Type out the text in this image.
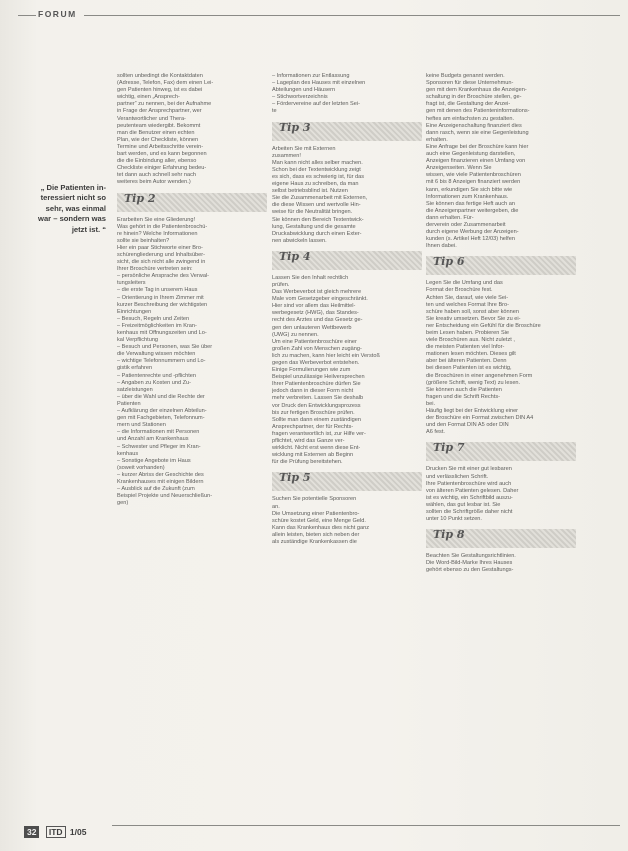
FORUM

„ Die Patienten in-

teressiert nicht so

sehr, was einmal

war – sondern was

jetzt ist. “

sollten unbedingt die Kontaktdaten

(Adresse, Telefon, Fax) dem einen Lei-

gen Patienten hinweg, ist es dabei

wichtig, einen „Ansprech-

partner“ zu nennen, bei der Aufnahme

in Frage der Ansprechpartner, wer

Verantwortlicher und Thera-

peutenteam wiedergibt. Bekommt

man die Benutzer einen echten

Plan, wie der Checkliste, können

Termine und Arbeitsschritte verein-

bart werden, und es kann begonnen

die die Einbindung aller, ebenso

Checkliste einiger Erfahrung bedeu-

tet dann auch schnell sehr nach

weiteres beim Autor wenden.)

Tip 2

Erarbeiten Sie eine Gliederung!

Was gehört in die Patientenbroschü-

re hinein? Welche Informationen

sollte sie beinhalten?

Hier ein paar Stichworte einer Bro-

schürengliederung und Inhaltsüber-

sicht, die sich nicht alle zwingend in

Ihrer Broschüre vertreten sein:

– persönliche Ansprache des Verwal-

tungsleiters

– die erste Tag in unserem Haus

– Orientierung in Ihrem Zimmer mit

kurzer Beschreibung der wichtigsten

Einrichtungen

– Besuch, Regeln und Zeiten

– Freizeitmöglichkeiten im Kran-

kenhaus mit Öffnungszeiten und Lo-

kal Verpflichtung

– Besuch und Personen, was Sie über

die Verwaltung wissen möchten

– wichtige Telefonnummern und Lo-

gistik erfahren

– Patientenrechte und -pflichten

– Angaben zu Kosten und Zu-

satzleistungen

– über die Wahl und die Rechte der

Patienten

– Aufklärung der einzelnen Abteilun-

gen mit Fachgebieten, Telefonnum-

mern und Stationen

– die Informationen mit Personen

und Anzahl am Krankenhaus

– Schwester und Pfleger im Kran-

kenhaus

– Sonstige Angebote im Haus

(soweit vorhanden)

– kurzer Abriss der Geschichte des

Krankenhauses mit einigen Bildern

– Ausblick auf die Zukunft (zum

Beispiel Projekte und Neuerschließun-

gen)

– Informationen zur Entlassung

– Lageplan des Hauses mit einzelnen

Abteilungen und Häusern

– Stichwortverzeichnis

– Fördervereine auf der letzten Sei-

te

Tip 3

Arbeiten Sie mit Externen

zusammen!

Man kann nicht alles selber machen.

Schon bei der Textentwicklung zeigt

es sich, dass es schwierig ist, für das

eigene Haus zu schreiben, da man

selbst betriebsblind ist. Nutzen

Sie die Zusammenarbeit mit Externen,

die diese Wissen und wertvolle Hin-

weise für die Neutralität bringen.

Sie können den Bereich Textentwick-

lung, Gestaltung und die gesamte

Druckabwicklung durch einen Exter-

nen abwickeln lassen.

Tip 4

Lassen Sie den Inhalt rechtlich

prüfen.

Das Werbeverbot ist gleich mehrere

Male vom Gesetzgeber eingeschränkt.

Hier sind vor allem das Heilmittel-

werbegesetz (HWG), das Standes-

recht des Arztes und das Gesetz ge-

gen den unlauteren Wettbewerb

(UWG) zu nennen.

Um eine Patientenbroschüre einer

großen Zahl von Menschen zugäng-

lich zu machen, kann hier leicht ein Verstoß

gegen das Werbeverbot entstehen.

Einige Formulierungen wie zum

Beispiel unzulässige Heilversprechen

Ihrer Patientenbroschüre dürfen Sie

jedoch dann in dieser Form nicht

mehr verbreiten. Lassen Sie deshalb

vor Druck den Entwicklungsprozess

bis zur fertigen Broschüre prüfen.

Sollte man dann einem zuständigen

Ansprechpartner, der für Rechts-

fragen verantwortlich ist, zur Hilfe ver-

pflichtet, wird das Ganze ver-

wirklicht. Nicht erst wenn diese Ent-

wicklung mit Externen ab Beginn

für die Prüfung bereitstehen.

Tip 5

Suchen Sie potentielle Sponsoren

an.

Die Umsetzung einer Patientenbro-

schüre kostet Geld, eine Menge Geld.

Kann das Krankenhaus dies nicht ganz

allein leisten, bieten sich neben der

als zuständige Krankenkassen die

keine Budgets genannt werden.

Sponsoren für diese Unternehmun-

gen mit dem Krankenhaus die Anzeigen-

schaltung in der Broschüre stellen, ge-

fragt ist, die Gestaltung der Anzei-

gen mit denen des Patienteninformations-

heftes am einfachsten zu gestalten.

Eine Anzeigenschaltung finanziert dies

dann rasch, wenn sie eine Gegenleistung

erhalten.

Eine Anfrage bei der Broschüre kann hier

auch eine Gegenleistung darstellen,

Anzeigen finanzieren einen Umfang von

Anzeigenseiten. Wenn Sie

wissen, wie viele Patientenbroschüren

mit 6 bis 8 Anzeigen finanziert werden

kann, erkundigen Sie sich bitte wie

Informationen zum Krankenhaus.

Sie können das fertige Heft auch an

die Anzeigenpartner weitergeben, die

dann erhalten. Für-

derverein oder Zusammenarbeit

durch eigene Werbung der Anzeigen-

kunden (s. Artikel Heft 12/03) helfen

Ihnen dabei.

Tip 6

Legen Sie die Umfang und das

Format der Broschüre fest.

Achten Sie, darauf, wie viele Sei-

ten und welches Format Ihre Bro-

schüre haben soll, sonst aber können

Sie kreativ umsetzen. Bevor Sie zu ei-

ner Entscheidung ein Gefühl für die Broschüre

beim Lesen haben. Probieren Sie

viele Broschüren aus. Nicht zuletzt ,

die meisten Patienten viel Infor-

mationen lesen möchten. Dieses gilt

aber bei älteren Patienten. Denn

bei diesen Patienten ist es wichtig,

die Broschüren in einer angenehmen Form

(größere Schrift, wenig Text) zu lesen.

Sie können auch die Patienten

fragen und die Schrift Rechts-

bei.

Häufig liegt bei der Entwicklung einer

der Broschüre ein Format zwischen DIN A4

und den Format DIN A5 oder DIN

A6 fest.

Tip 7

Drucken Sie mit einer gut lesbaren

und verlässlichen Schrift.

Ihre Patientenbroschüre wird auch

von älteren Patienten gelesen. Daher

ist es wichtig, ein Schriftbild auszu-

wählen, das gut lesbar ist. Sie

sollten die Schriftgröße daher nicht

unter 10 Punkt setzen.

Tip 8

Beachten Sie Gestaltungsrichtlinien.

Die Word-Bild-Marke Ihres Hauses

gehört ebenso zu den Gestaltungs-

32 ITD 1/05
